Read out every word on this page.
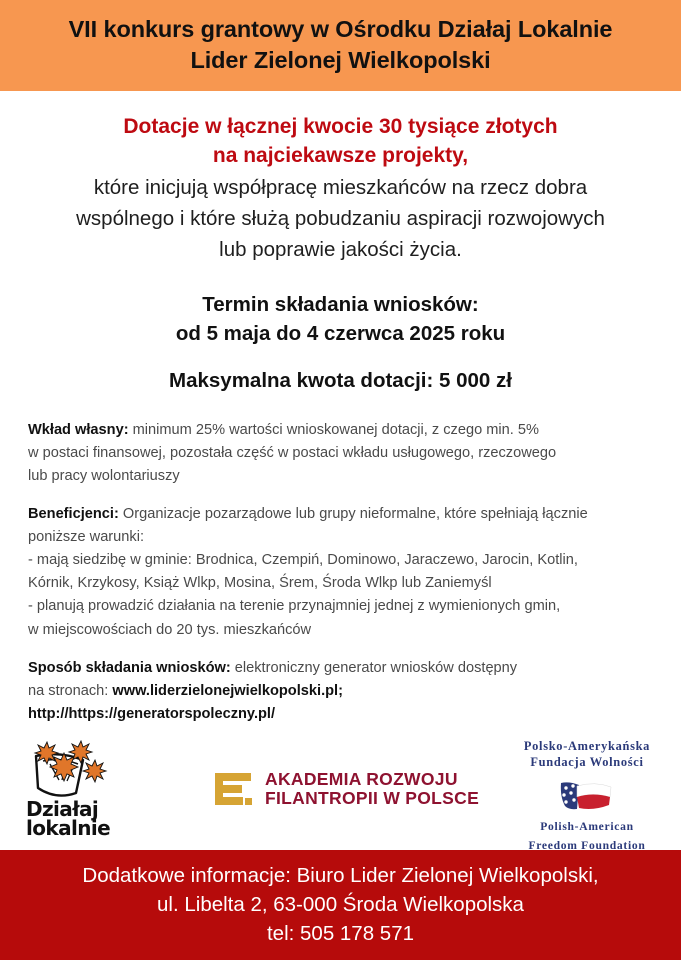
VII konkurs grantowy w Ośrodku Działaj Lokalnie
Lider Zielonej Wielkopolski
Dotacje w łącznej kwocie 30 tysiące złotych
na najciekawsze projekty,
które inicjują współpracę mieszkańców na rzecz dobra
wspólnego i które służą pobudzaniu aspiracji rozwojowych
lub poprawie jakości życia.
Termin składania wniosków:
od 5 maja do 4 czerwca 2025 roku
Maksymalna kwota dotacji: 5 000 zł

Wkład własny: minimum 25% wartości wnioskowanej dotacji, z czego min. 5%

w postaci finansowej, pozostała część w postaci wkładu usługowego, rzeczowego

lub pracy wolontariuszy

Beneficjenci: Organizacje pozarządowe lub grupy nieformalne, które spełniają łącznie

poniższe warunki:

- mają siedzibę w gminie: Brodnica, Czempiń, Dominowo, Jaraczewo, Jarocin, Kotlin,

Kórnik, Krzykosy, Książ Wlkp, Mosina, Śrem, Środa Wlkp lub Zaniemyśl

- planują prowadzić działania na terenie przynajmniej jednej z wymienionych gmin,

w miejscowościach do 20 tys. mieszkańców

Sposób składania wniosków: elektroniczny generator wniosków dostępny

na stronach: www.liderzielonejwielkopolski.pl;

http://https://generatorspoleczny.pl/

Działaj
lokalnie
AKADEMIA ROZWOJU
FILANTROPII W POLSCE
Polsko-Amerykańska
Fundacja Wolności
Polish-American
Freedom Foundation
Dodatkowe informacje: Biuro Lider Zielonej Wielkopolski,
ul. Libelta 2, 63-000 Środa Wielkopolska
tel: 505 178 571
